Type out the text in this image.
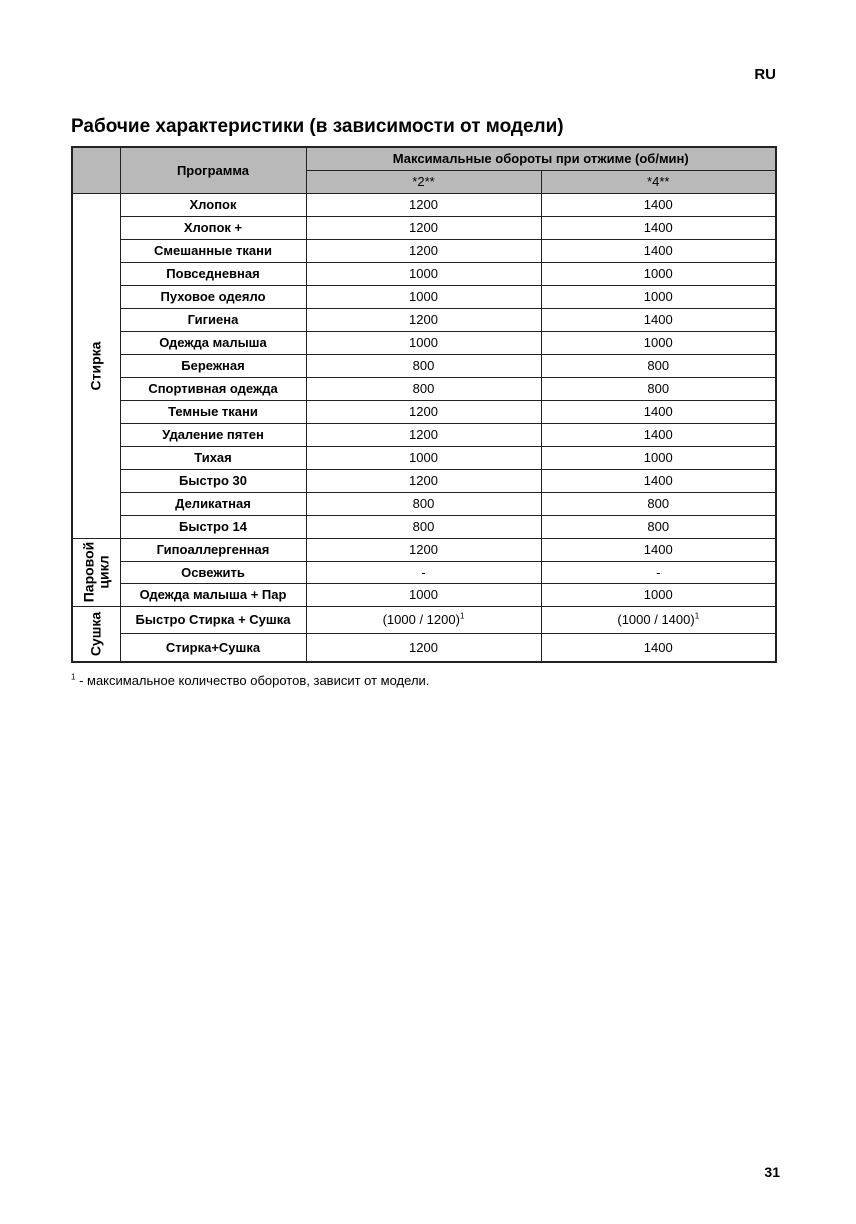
RU
Рабочие характеристики (в зависимости от модели)
	Программа	Максимальные обороты при отжиме (об/мин)	
		*2**	*4**

Стирка	Хлопок	1200	1400
	Хлопок +	1200	1400
	Смешанные ткани	1200	1400
	Повседневная	1000	1000
	Пуховое одеяло	1000	1000
	Гигиена	1200	1400
	Одежда малыша	1000	1000
	Бережная	800	800
	Спортивная одежда	800	800
	Темные ткани	1200	1400
	Удаление пятен	1200	1400
	Тихая	1000	1000
	Быстро 30	1200	1400
	Деликатная	800	800
	Быстро 14	800	800

Паровой
цикл	Гипоаллергенная	1200	1400
	Освежить	-	-
	Одежда малыша + Пар	1000	1000

Сушка	Быстро Стирка + Сушка	(1000 / 1200)$^1$	(1000 / 1400)$^1$
	Стирка+Сушка	1200	1400
$^1$ - максимальное количество оборотов, зависит от модели.
31
